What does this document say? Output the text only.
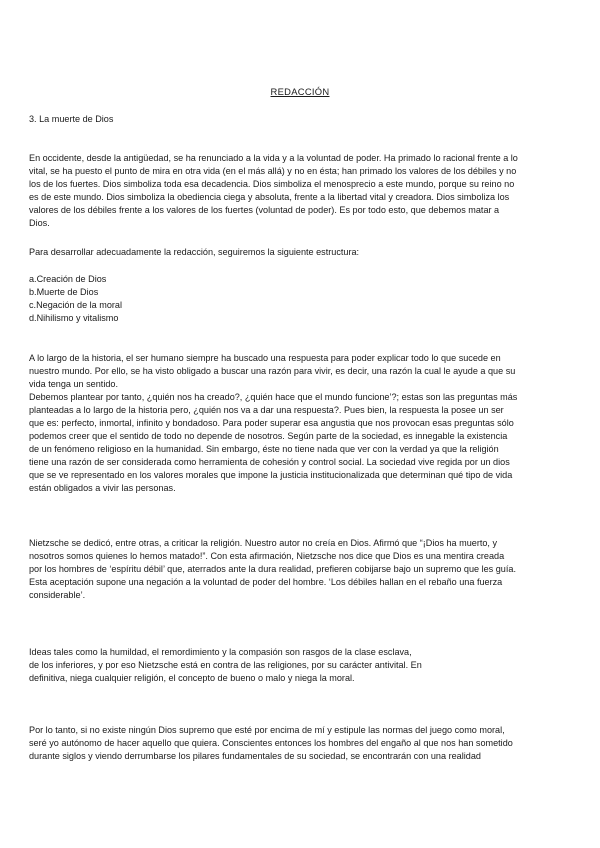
REDACCIÓN
3. La muerte de Dios
En occidente, desde la antigüedad, se ha renunciado a la vida y a la voluntad de poder. Ha primado lo racional frente a lo
vital, se ha puesto el punto de mira en otra vida (en el más allá) y no en ésta; han primado los valores de los débiles y no
los de los fuertes. Dios simboliza toda esa decadencia. Dios simboliza el menosprecio a este mundo, porque su reino no
es de este mundo. Dios simboliza la obediencia ciega y absoluta, frente a la libertad vital y creadora. Dios simboliza los
valores de los débiles frente a los valores de los fuertes (voluntad de poder). Es por todo esto, que debemos matar a
Dios.
Para desarrollar adecuadamente la redacción, seguiremos la siguiente estructura:
a.Creación de Dios
b.Muerte de Dios
c.Negación de la moral
d.Nihilismo y vitalismo
A lo largo de la historia, el ser humano siempre ha buscado una respuesta para poder explicar todo lo que sucede en
nuestro mundo. Por ello, se ha visto obligado a buscar una razón para vivir, es decir, una razón la cual le ayude a que su
vida tenga un sentido.
Debemos plantear por tanto, ¿quién nos ha creado?, ¿quién hace que el mundo funcione’?; estas son las preguntas más
planteadas a lo largo de la historia pero, ¿quién nos va a dar una respuesta?. Pues bien, la respuesta la posee un ser
que es: perfecto, inmortal, infinito y bondadoso. Para poder superar esa angustia que nos provocan esas preguntas sólo
podemos creer que el sentido de todo no depende de nosotros. Según parte de la sociedad, es innegable la existencia
de un fenómeno religioso en la humanidad. Sin embargo, éste no tiene nada que ver con la verdad ya que la religión
tiene una razón de ser considerada como herramienta de cohesión y control social. La sociedad vive regida por un dios
que se ve representado en los valores morales que impone la justicia institucionalizada que determinan qué tipo de vida
están obligados a vivir las personas.
Nietzsche se dedicó, entre otras, a criticar la religión. Nuestro autor no creía en Dios. Afirmó que “¡Dios ha muerto, y
nosotros somos quienes lo hemos matado!”. Con esta afirmación, Nietzsche nos dice que Dios es una mentira creada
por los hombres de ‘espíritu débil’ que, aterrados ante la dura realidad, prefieren cobijarse bajo un supremo que les guía.
Esta aceptación supone una negación a la voluntad de poder del hombre. ‘Los débiles hallan en el rebaño una fuerza
considerable’.
Ideas tales como la humildad, el remordimiento y la compasión son rasgos de la clase esclava,
de los inferiores, y por eso Nietzsche está en contra de las religiones, por su carácter antivital. En
definitiva, niega cualquier religión, el concepto de bueno o malo y niega la moral.
Por lo tanto, si no existe ningún Dios supremo que esté por encima de mí y estipule las normas del juego como moral,
seré yo autónomo de hacer aquello que quiera. Conscientes entonces los hombres del engaño al que nos han sometido
durante siglos y viendo derrumbarse los pilares fundamentales de su sociedad, se encontrarán con una realidad
